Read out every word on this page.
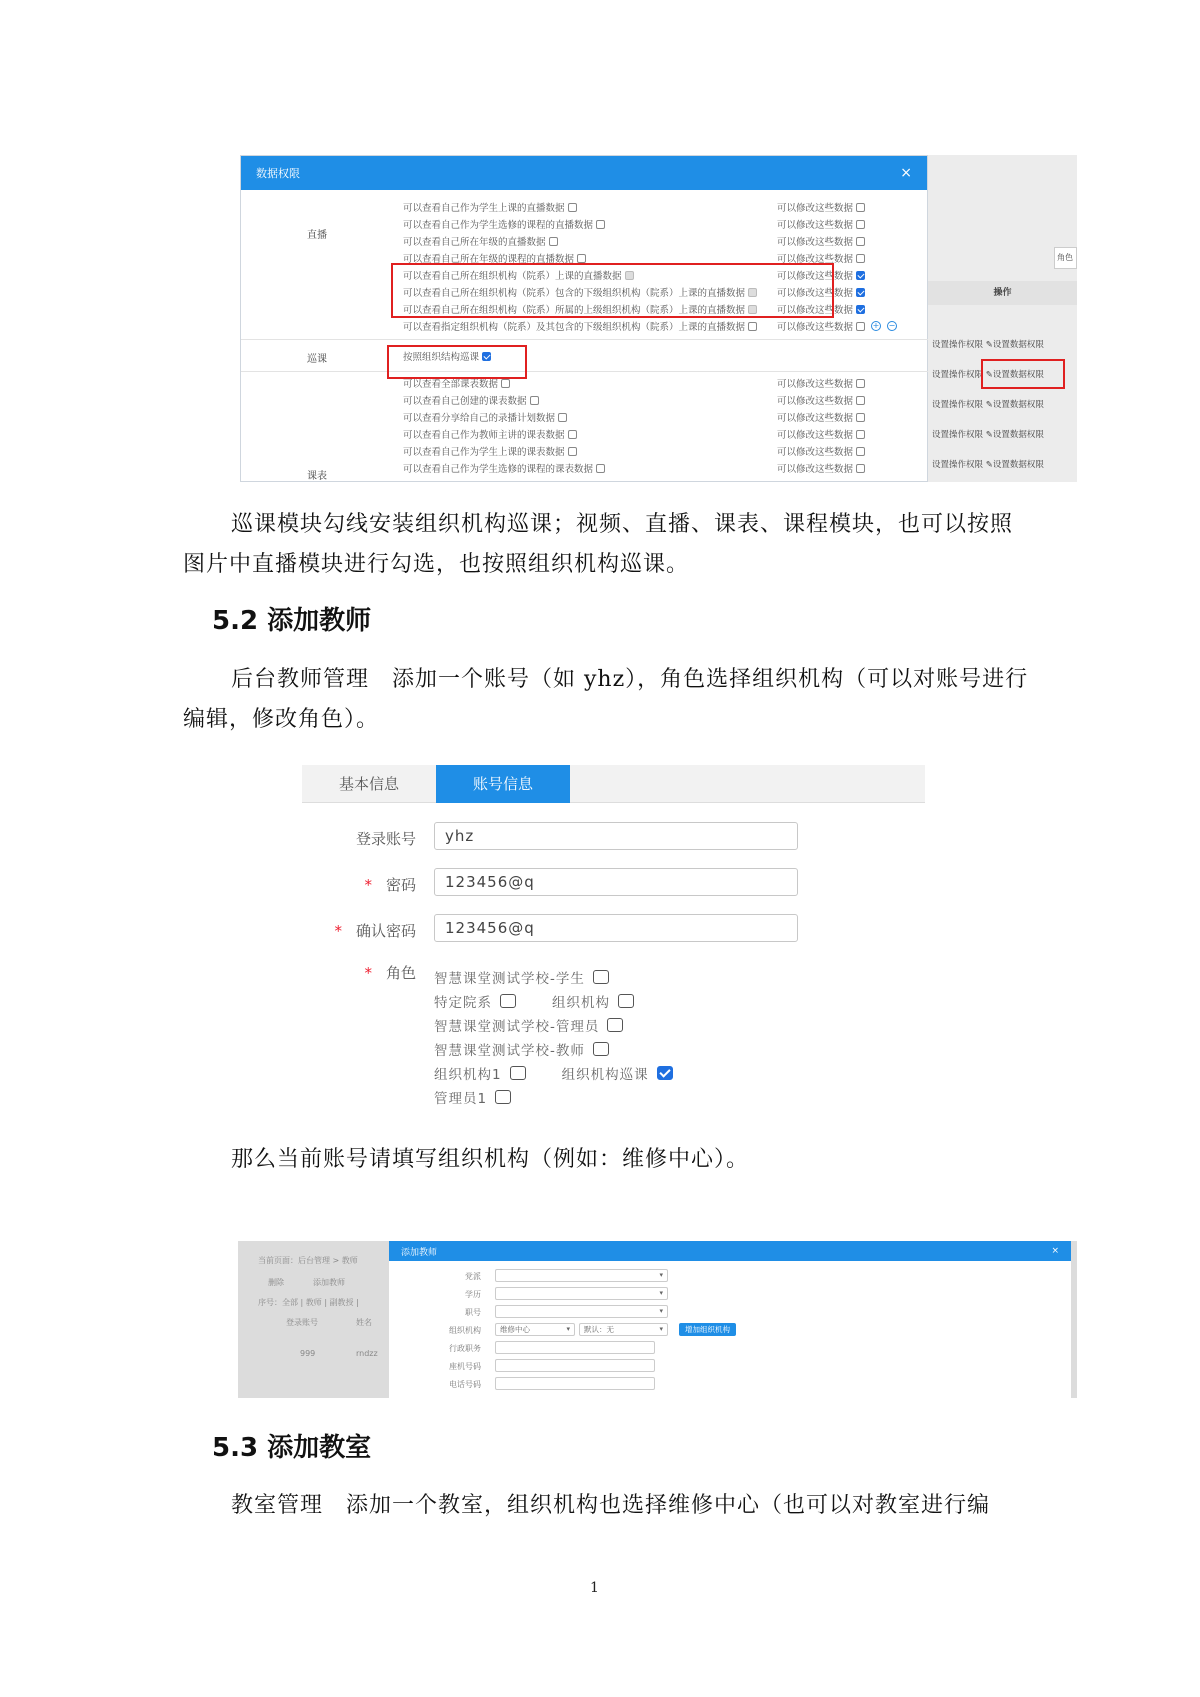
数据权限	×
直播
可以查看自己作为学生上课的直播数据	可以修改这些数据
可以查看自己作为学生选修的课程的直播数据	可以修改这些数据
可以查看自己所在年级的直播数据	可以修改这些数据
可以查看自己所在年级的课程的直播数据	可以修改这些数据
可以查看自己所在组织机构（院系）上课的直播数据	可以修改这些数据
可以查看自己所在组织机构（院系）包含的下级组织机构（院系）上课的直播数据	可以修改这些数据
可以查看自己所在组织机构（院系）所属的上级组织机构（院系）上课的直播数据	可以修改这些数据
可以查看指定组织机构（院系）及其包含的下级组织机构（院系）上课的直播数据	可以修改这些数据 + −
巡课	按照组织结构巡课
课表
可以查看全部课表数据	可以修改这些数据
可以查看自己创建的课表数据	可以修改这些数据
可以查看分享给自己的录播计划数据	可以修改这些数据
可以查看自己作为教师主讲的课表数据	可以修改这些数据
可以查看自己作为学生上课的课表数据	可以修改这些数据
可以查看自己作为学生选修的课程的课表数据	可以修改这些数据
角色
操作
设置操作权限 ✎设置数据权限
设置操作权限 ✎设置数据权限
设置操作权限 ✎设置数据权限
设置操作权限 ✎设置数据权限
设置操作权限 ✎设置数据权限

巡课模块勾线安装组织机构巡课；视频、直播、课表、课程模块，也可以按照图片中直播模块进行勾选，也按照组织机构巡课。

5.2 添加教师

后台教师管理　添加一个账号（如 yhz），角色选择组织机构（可以对账号进行编辑，修改角色）。

基本信息	账号信息
登录账号	yhz
* 密码	123456@q
* 确认密码	123456@q
* 角色 智慧课堂测试学校-学生
特定院系	组织机构
智慧课堂测试学校-管理员
智慧课堂测试学校-教师
组织机构1	组织机构巡课
管理员1

那么当前账号请填写组织机构（例如：维修中心）。

当前页面：后台管理 > 教师
删除	添加教师
序号：全部 | 教师 | 副教授 |
登录账号	姓名
999	rndzz
添加教师	×
党派	▾
学历	▾
职号	▾
组织机构	维修中心	▾	默认：无	▾	增加组织机构
行政职务
座机号码
电话号码
5.3 添加教室

教室管理　添加一个教室，组织机构也选择维修中心（也可以对教室进行编

1
